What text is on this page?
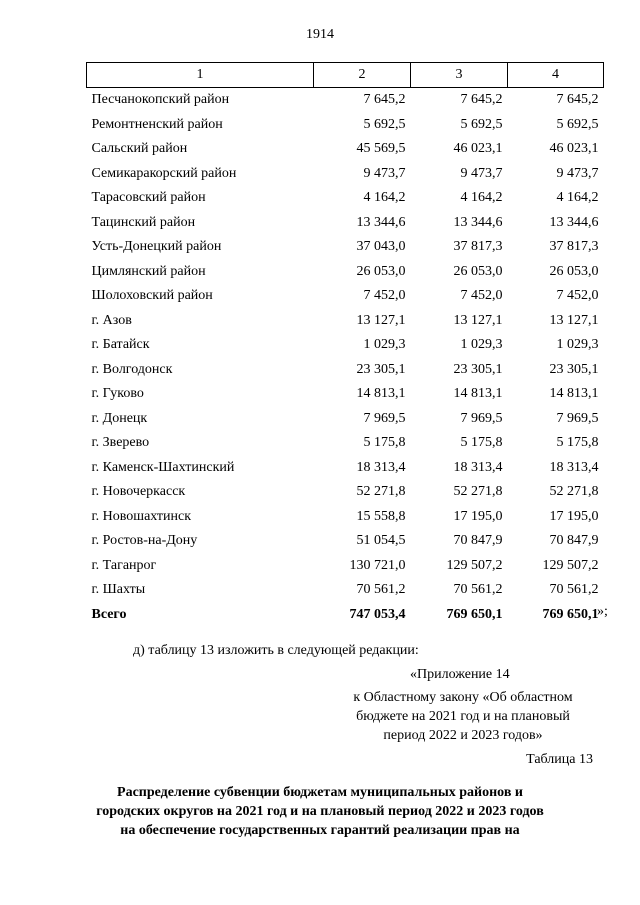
1914
1	2	3	4
Песчанокопский район	7 645,2	7 645,2	7 645,2
Ремонтненский район	5 692,5	5 692,5	5 692,5
Сальский район	45 569,5	46 023,1	46 023,1
Семикаракорский район	9 473,7	9 473,7	9 473,7
Тарасовский район	4 164,2	4 164,2	4 164,2
Тацинский район	13 344,6	13 344,6	13 344,6
Усть-Донецкий район	37 043,0	37 817,3	37 817,3
Цимлянский район	26 053,0	26 053,0	26 053,0
Шолоховский район	7 452,0	7 452,0	7 452,0
г. Азов	13 127,1	13 127,1	13 127,1
г. Батайск	1 029,3	1 029,3	1 029,3
г. Волгодонск	23 305,1	23 305,1	23 305,1
г. Гуково	14 813,1	14 813,1	14 813,1
г. Донецк	7 969,5	7 969,5	7 969,5
г. Зверево	5 175,8	5 175,8	5 175,8
г. Каменск-Шахтинский	18 313,4	18 313,4	18 313,4
г. Новочеркасск	52 271,8	52 271,8	52 271,8
г. Новошахтинск	15 558,8	17 195,0	17 195,0
г. Ростов-на-Дону	51 054,5	70 847,9	70 847,9
г. Таганрог	130 721,0	129 507,2	129 507,2
г. Шахты	70 561,2	70 561,2	70 561,2
Всего	747 053,4	769 650,1	769 650,1
»;
д) таблицу 13 изложить в следующей редакции:
«Приложение 14
к Областному закону «Об областном
бюджете на 2021 год и на плановый
период 2022 и 2023 годов»
Таблица 13
Распределение субвенции бюджетам муниципальных районов и
городских округов на 2021 год и на плановый период 2022 и 2023 годов
на обеспечение государственных гарантий реализации прав на
